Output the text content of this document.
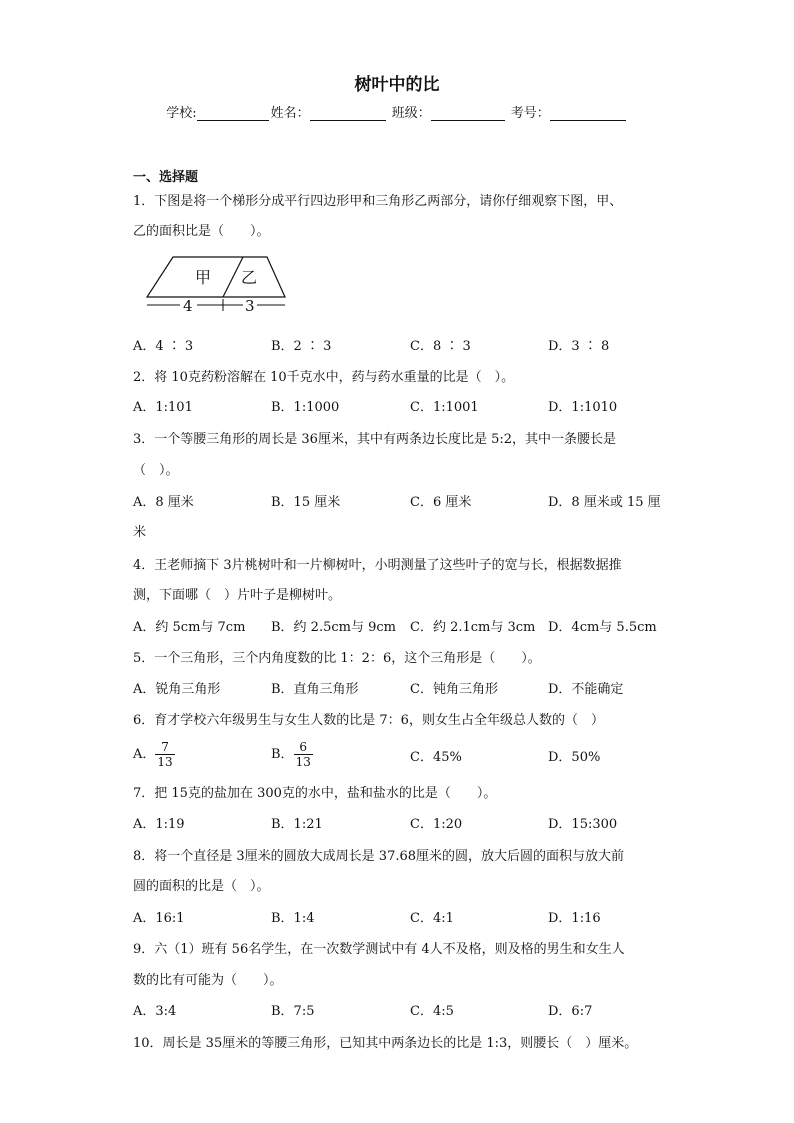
树叶中的比
学校:	姓名：	班级：	考号：
一、选择题
1．下图是将一个梯形分成平行四边形甲和三角形乙两部分，请你仔细观察下图，甲、
乙的面积比是（　　）。
甲 乙
4	3
A．4 ∶ 3	B．2 ∶ 3	C．8 ∶ 3	D．3 ∶ 8
2．将 10克药粉溶解在 10千克水中，药与药水重量的比是（　）。
A．1:101	B．1:1000	C．1:1001	D．1:1010
3．一个等腰三角形的周长是 36厘米，其中有两条边长度比是 5:2，其中一条腰长是
（　）。
A．8 厘米	B．15 厘米	C．6 厘米	D．8 厘米或 15 厘
米
4．王老师摘下 3片桃树叶和一片柳树叶，小明测量了这些叶子的宽与长，根据数据推
测，下面哪（　）片叶子是柳树叶。
A．约 5cm与 7cm B．约 2.5cm与 9cm C．约 2.1cm与 3cm D．4cm与 5.5cm
5．一个三角形，三个内角度数的比 1：2：6，这个三角形是（　　）。
A．锐角三角形	B．直角三角形	C．钝角三角形	D．不能确定
6．育才学校六年级男生与女生人数的比是 7：6，则女生占全年级总人数的（　）
A． $\frac{7}{13}$	B． $\frac{6}{13}$	C．45%	D．50%
7．把 15克的盐加在 300克的水中，盐和盐水的比是（　　）。
A．1:19	B．1:21	C．1:20	D．15:300
8．将一个直径是 3厘米的圆放大成周长是 37.68厘米的圆，放大后圆的面积与放大前
圆的面积的比是（　）。
A．16:1	B．1:4	C．4:1	D．1:16
9．六（1）班有 56名学生，在一次数学测试中有 4人不及格，则及格的男生和女生人
数的比有可能为（　　）。
A．3:4	B．7:5	C．4:5	D．6:7
10．周长是 35厘米的等腰三角形，已知其中两条边长的比是 1:3，则腰长（　）厘米。
